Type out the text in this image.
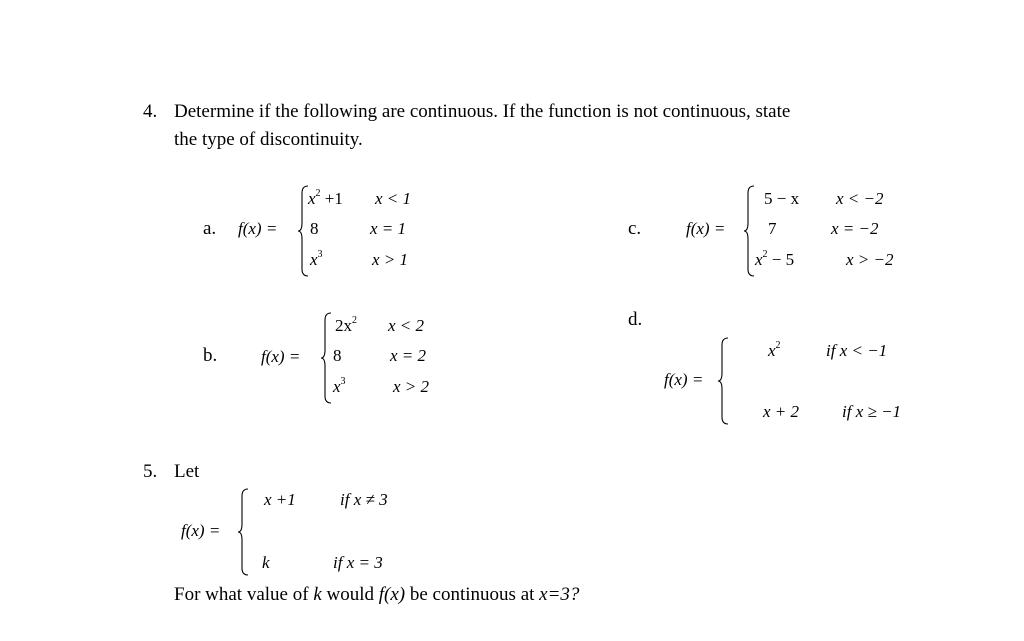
4. Determine if the following are continuous. If the function is not continuous, state
the type of discontinuity.
a. f(x) =
$x^2 +1$ x < 1
8	x = 1
$x^3$	x > 1
c.	f(x) =
5 − x x < −2
7	x = −2
$x^2 - 5$	x > −2
b.	f(x) =
$2x^2$ x < 2
8	x = 2
$x^3$	x > 2
d.
f(x) =
$x^2$	if x < −1
x + 2	if x ≥ −1
5. Let
f(x) =
x +1	if x ≠ 3
k	if x = 3
For what value of k would f(x) be continuous at x=3?
